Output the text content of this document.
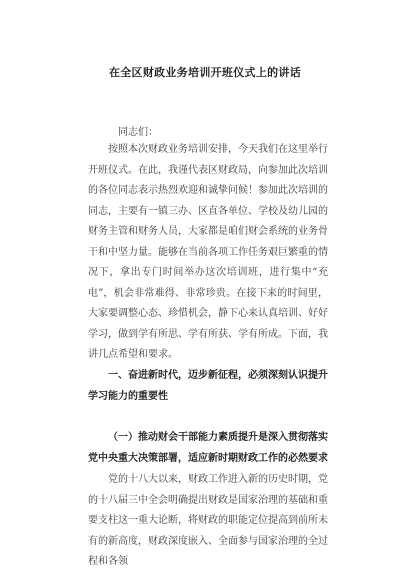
在全区财政业务培训开班仪式上的讲话
同志们：

按照本次财政业务培训安排，今天我们在这里举行开班仪式。在此，我谨代表区财政局，向参加此次培训的各位同志表示热烈欢迎和诚挚问候！参加此次培训的同志，主要有一镇三办、区直各单位、学校及幼儿园的财务主管和财务人员，大家都是咱们财会系统的业务骨干和中坚力量。能够在当前各项工作任务艰巨繁重的情况下，拿出专门时间举办这次培训班，进行集中“充电”，机会非常难得、非常珍贵。在接下来的时间里，大家要调整心态、珍惜机会，静下心来认真培训、好好学习，做到学有所思、学有所获、学有所成。下面，我讲几点希望和要求。

一、奋进新时代，迈步新征程，必须深刻认识提升学习能力的重要性

（一）推动财会干部能力素质提升是深入贯彻落实党中央重大决策部署，适应新时期财政工作的必然要求

党的十八大以来，财政工作进入新的历史时期，党的十八届三中全会明确提出财政是国家治理的基础和重要支柱这一重大论断，将财政的职能定位提高到前所未有的新高度，财政深度嵌入、全面参与国家治理的全过程和各领
